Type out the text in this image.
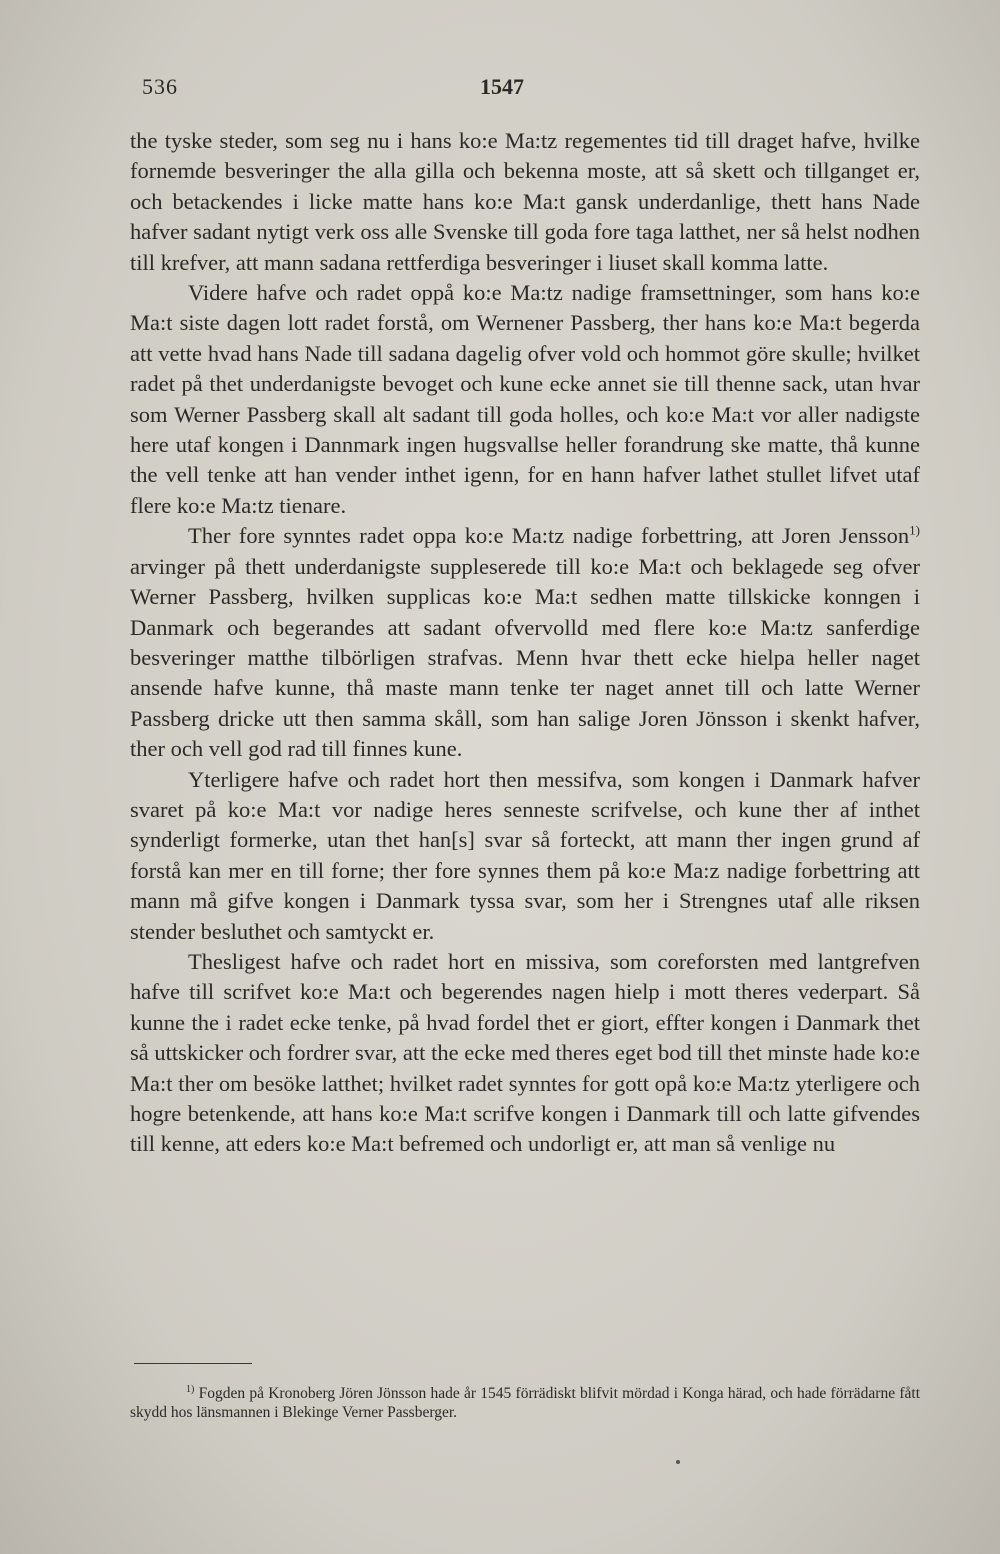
536	1547

the tyske steder, som seg nu i hans ko:e Ma:tz regementes tid till draget hafve, hvilke fornemde besveringer the alla gilla och bekenna moste, att så skett och tillganget er, och betackendes i licke matte hans ko:e Ma:t gansk underdanlige, thett hans Nade hafver sadant nytigt verk oss alle Svenske till goda fore taga latthet, ner så helst nodhen till krefver, att mann sadana rettferdiga besveringer i liuset skall komma latte.

Videre hafve och radet oppå ko:e Ma:tz nadige framsettninger, som hans ko:e Ma:t siste dagen lott radet forstå, om Wernener Passberg, ther hans ko:e Ma:t begerda att vette hvad hans Nade till sadana dagelig ofver vold och hommot göre skulle; hvilket radet på thet underdanigste bevoget och kune ecke annet sie till thenne sack, utan hvar som Werner Passberg skall alt sadant till goda holles, och ko:e Ma:t vor aller nadigste here utaf kongen i Dannmark ingen hugsvallse heller forandrung ske matte, thå kunne the vell tenke att han vender inthet igenn, for en hann hafver lathet stullet lifvet utaf flere ko:e Ma:tz tienare.

Ther fore synntes radet oppa ko:e Ma:tz nadige forbettring, att Joren Jensson$^{1)}$ arvinger på thett underdanigste suppleserede till ko:e Ma:t och beklagede seg ofver Werner Passberg, hvilken supplicas ko:e Ma:t sedhen matte tillskicke konngen i Danmark och begerandes att sadant ofvervolld med flere ko:e Ma:tz sanferdige besveringer matthe tilbörligen strafvas. Menn hvar thett ecke hielpa heller naget ansende hafve kunne, thå maste mann tenke ter naget annet till och latte Werner Passberg dricke utt then samma skåll, som han salige Joren Jönsson i skenkt hafver, ther och vell god rad till finnes kune.

Yterligere hafve och radet hort then messifva, som kongen i Danmark hafver svaret på ko:e Ma:t vor nadige heres senneste scrifvelse, och kune ther af inthet synderligt formerke, utan thet han[s] svar så forteckt, att mann ther ingen grund af forstå kan mer en till forne; ther fore synnes them på ko:e Ma:z nadige forbettring att mann må gifve kongen i Danmark tyssa svar, som her i Strengnes utaf alle riksen stender besluthet och samtyckt er.

Thesligest hafve och radet hort en missiva, som coreforsten med lantgrefven hafve till scrifvet ko:e Ma:t och begerendes nagen hielp i mott theres vederpart. Så kunne the i radet ecke tenke, på hvad fordel thet er giort, effter kongen i Danmark thet så uttskicker och fordrer svar, att the ecke med theres eget bod till thet minste hade ko:e Ma:t ther om besöke latthet; hvilket radet synntes for gott opå ko:e Ma:tz yterligere och hogre betenkende, att hans ko:e Ma:t scrifve kongen i Danmark till och latte gifvendes till kenne, att eders ko:e Ma:t befremed och undorligt er, att man så venlige nu

$^{1)}$ Fogden på Kronoberg Jören Jönsson hade år 1545 förrädiskt blifvit mördad i Konga härad, och hade förrädarne fått skydd hos länsmannen i Blekinge Verner Passberger.
